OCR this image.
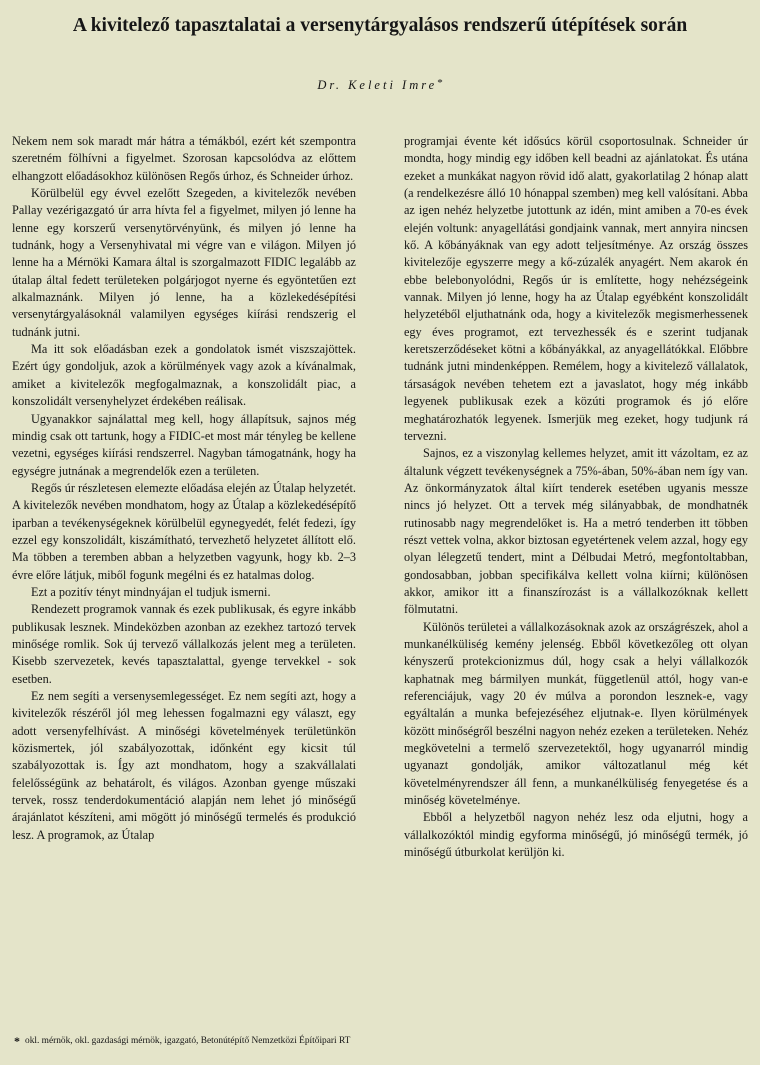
A kivitelező tapasztalatai a versenytárgyalásos rendszerű útépítések során
Dr. Keleti Imre*

Nekem nem sok maradt már hátra a témákból, ezért két szempontra szeretném fölhívni a figyelmet. Szorosan kapcsolódva az előttem elhangzott előadásokhoz különösen Regős úrhoz, és Schneider úrhoz.

Körülbelül egy évvel ezelőtt Szegeden, a kivitelezők nevében Pallay vezérigazgató úr arra hívta fel a figyelmet, milyen jó lenne ha lenne egy korszerű versenytörvényünk, és milyen jó lenne ha tudnánk, hogy a Versenyhivatal mi végre van e világon. Milyen jó lenne ha a Mérnöki Kamara által is szorgalmazott FIDIC legalább az útalap által fedett területeken polgárjogot nyerne és egyöntetűen ezt alkalmaznánk. Milyen jó lenne, ha a közlekedésépítési versenytárgyalásoknál valamilyen egységes kiírási rendszerig el tudnánk jutni.

Ma itt sok előadásban ezek a gondolatok ismét viszszajöttek. Ezért úgy gondoljuk, azok a körülmények vagy azok a kívánalmak, amiket a kivitelezők megfogalmaznak, a konszolidált piac, a konszolidált versenyhelyzet érdekében reálisak.

Ugyanakkor sajnálattal meg kell, hogy állapítsuk, sajnos még mindig csak ott tartunk, hogy a FIDIC-et most már tényleg be kellene vezetni, egységes kiírási rendszerrel. Nagyban támogatnánk, hogy ha egységre jutnának a megrendelők ezen a területen.

Regős úr részletesen elemezte előadása elején az Útalap helyzetét. A kivitelezők nevében mondhatom, hogy az Útalap a közlekedésépítő iparban a tevékenységeknek körülbelül egynegyedét, felét fedezi, így ezzel egy konszolidált, kiszámítható, tervezhető helyzetet állított elő. Ma többen a teremben abban a helyzetben vagyunk, hogy kb. 2–3 évre előre látjuk, miből fogunk megélni és ez hatalmas dolog.

Ezt a pozitív tényt mindnyájan el tudjuk ismerni.

Rendezett programok vannak és ezek publikusak, és egyre inkább publikusak lesznek. Mindeközben azonban az ezekhez tartozó tervek minősége romlik. Sok új tervező vállalkozás jelent meg a területen. Kisebb szervezetek, kevés tapasztalattal, gyenge tervekkel - sok esetben.

Ez nem segíti a versenysemlegességet. Ez nem segíti azt, hogy a kivitelezők részéről jól meg lehessen fogalmazni egy választ, egy adott versenyfelhívást. A minőségi követelmények területünkön közismertek, jól szabályozottak, időnként egy kicsit túl szabályozottak is. Így azt mondhatom, hogy a szakvállalati felelősségünk az behatárolt, és világos. Azonban gyenge műszaki tervek, rossz tenderdokumentáció alapján nem lehet jó minőségű árajánlatot készíteni, ami mögött jó minőségű termelés és produkció lesz. A programok, az Útalap

programjai évente két idősúcs körül csoportosulnak. Schneider úr mondta, hogy mindig egy időben kell beadni az ajánlatokat. És utána ezeket a munkákat nagyon rövid idő alatt, gyakorlatilag 2 hónap alatt (a rendelkezésre álló 10 hónappal szemben) meg kell valósítani. Abba az igen nehéz helyzetbe jutottunk az idén, mint amiben a 70-es évek elején voltunk: anyagellátási gondjaink vannak, mert annyira nincsen kő. A kőbányáknak van egy adott teljesítménye. Az ország összes kivitelezője egyszerre megy a kő-zúzalék anyagért. Nem akarok én ebbe belebonyolódni, Regős úr is említette, hogy nehézségeink vannak. Milyen jó lenne, hogy ha az Útalap egyébként konszolidált helyzetéből eljuthatnánk oda, hogy a kivitelezők megismerhessenek egy éves programot, ezt tervezhessék és e szerint tudjanak keretszerződéseket kötni a kőbányákkal, az anyagellátókkal. Előbbre tudnánk jutni mindenképpen. Remélem, hogy a kivitelező vállalatok, társaságok nevében tehetem ezt a javaslatot, hogy még inkább legyenek publikusak ezek a közúti programok és jó előre meghatározhatók legyenek. Ismerjük meg ezeket, hogy tudjunk rá tervezni.

Sajnos, ez a viszonylag kellemes helyzet, amit itt vázoltam, ez az általunk végzett tevékenységnek a 75%-ában, 50%-ában nem így van. Az önkormányzatok által kiírt tenderek esetében ugyanis messze nincs jó helyzet. Ott a tervek még silányabbak, de mondhatnék rutinosabb nagy megrendelőket is. Ha a metró tenderben itt többen részt vettek volna, akkor biztosan egyetértenek velem azzal, hogy egy olyan lélegzetű tendert, mint a Délbudai Metró, megfontoltabban, gondosabban, jobban specifikálva kellett volna kiírni; különösen akkor, amikor itt a finanszírozást is a vállalkozóknak kellett fölmutatni.

Különös területei a vállalkozásoknak azok az országrészek, ahol a munkanélküliség kemény jelenség. Ebből következőleg ott olyan kényszerű protekcionizmus dúl, hogy csak a helyi vállalkozók kaphatnak meg bármilyen munkát, függetlenül attól, hogy van-e referenciájuk, vagy 20 év múlva a porondon lesznek-e, vagy egyáltalán a munka befejezéséhez eljutnak-e. Ilyen körülmények között minőségről beszélni nagyon nehéz ezeken a területeken. Nehéz megkövetelni a termelő szervezetektől, hogy ugyanarról mindig ugyanazt gondolják, amikor változatlanul még két követelményrendszer áll fenn, a munkanélküliség fenyegetése és a minőség követelménye.

Ebből a helyzetből nagyon nehéz lesz oda eljutni, hogy a vállalkozóktól mindig egyforma minőségű, jó minőségű termék, jó minőségű útburkolat kerüljön ki.

* okl. mérnök, okl. gazdasági mérnök, igazgató, Betonútépítő Nemzetközi Építőipari RT
